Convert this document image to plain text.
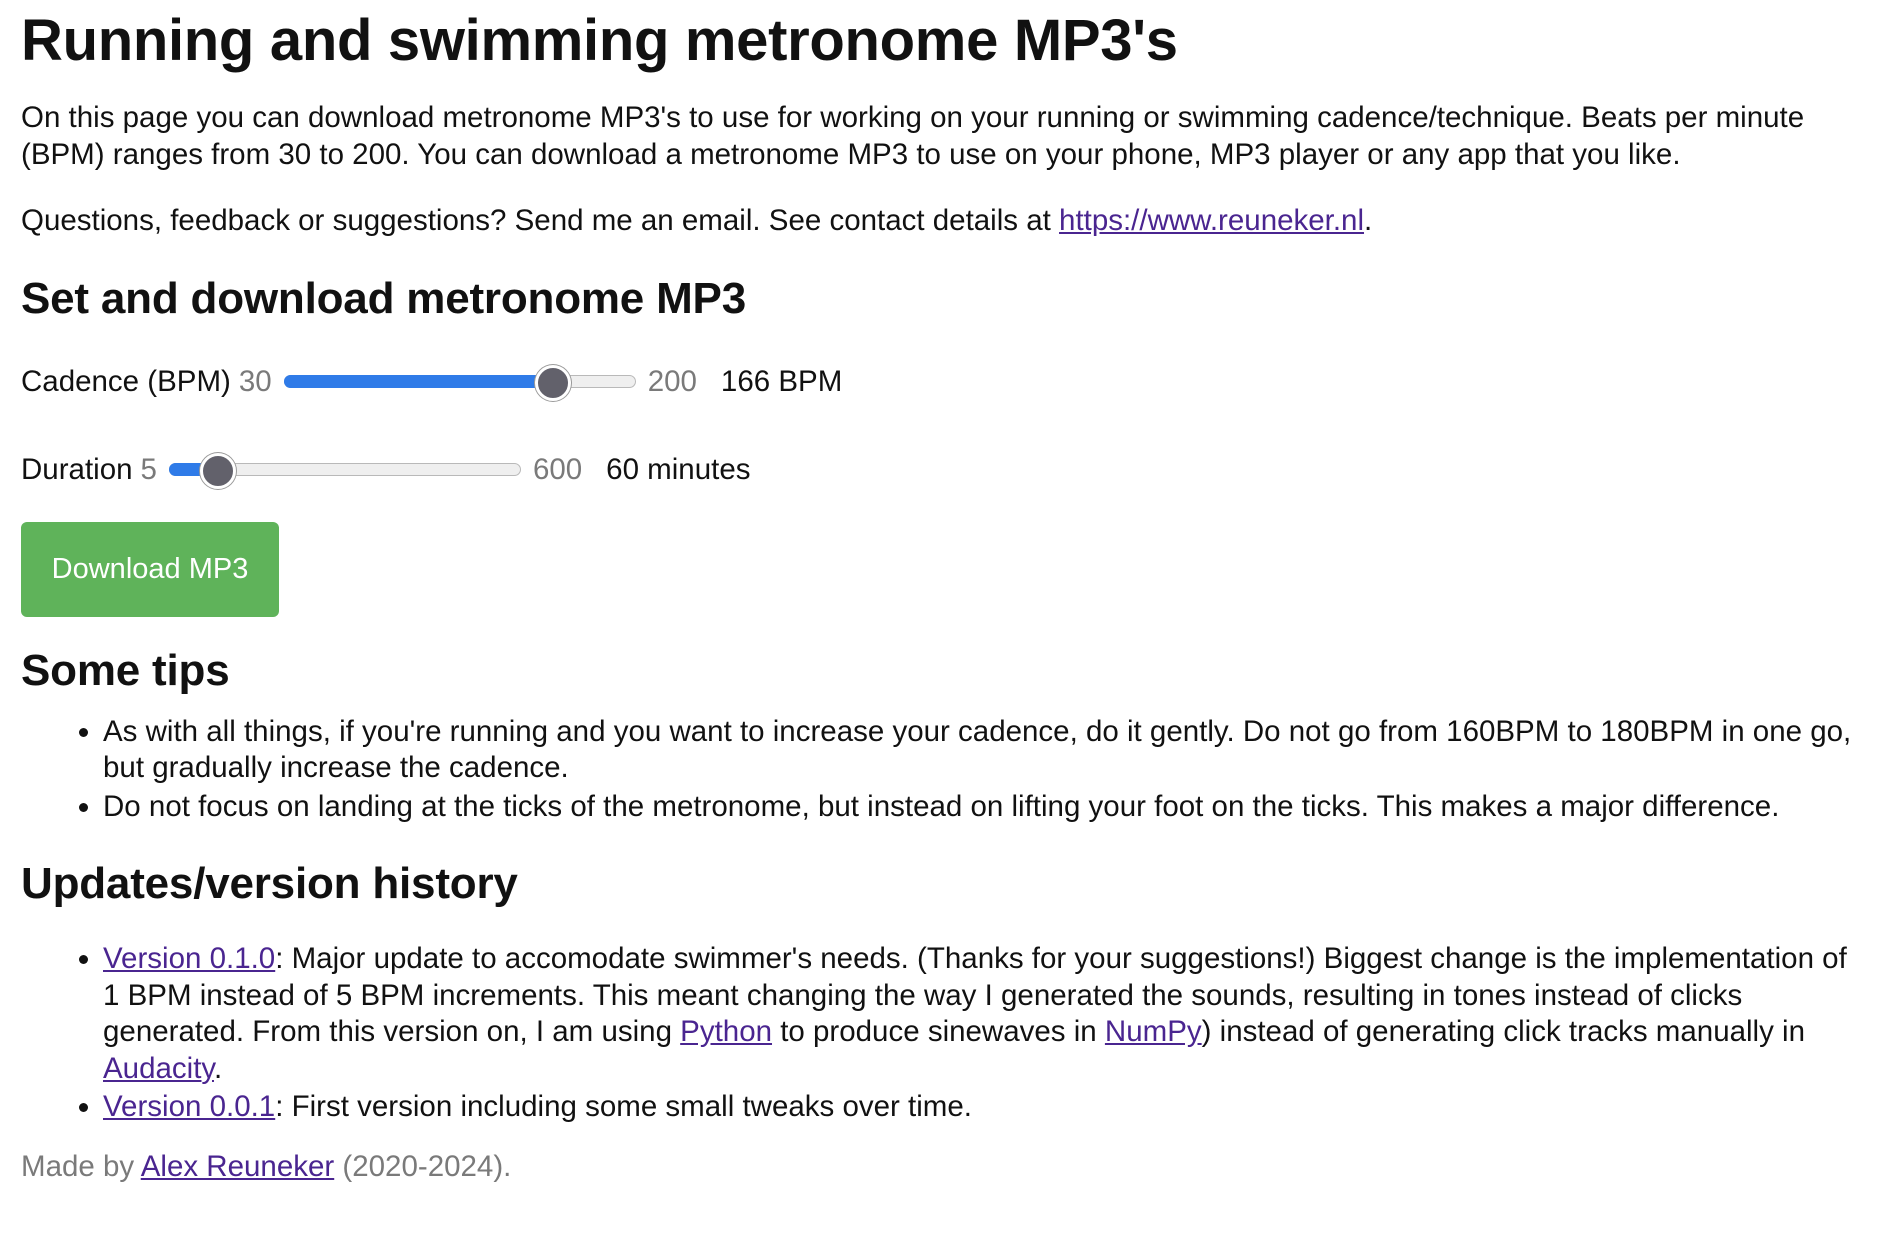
Running and swimming metronome MP3's

On this page you can download metronome MP3's to use for working on your running or swimming cadence/technique. Beats per minute (BPM) ranges from 30 to 200. You can download a metronome MP3 to use on your phone, MP3 player or any app that you like.

Questions, feedback or suggestions? Send me an email. See contact details at https://www.reuneker.nl.

Set and download metronome MP3
Cadence (BPM) 30	200 166 BPM
Duration 5	600 60 minutes
Download MP3
Some tips
• As with all things, if you're running and you want to increase your cadence, do it gently. Do not go from 160BPM to 180BPM in one go, but gradually increase the cadence.
• Do not focus on landing at the ticks of the metronome, but instead on lifting your foot on the ticks. This makes a major difference.
Updates/version history
• Version 0.1.0: Major update to accomodate swimmer's needs. (Thanks for your suggestions!) Biggest change is the implementation of 1 BPM instead of 5 BPM increments. This meant changing the way I generated the sounds, resulting in tones instead of clicks generated. From this version on, I am using Python to produce sinewaves in NumPy) instead of generating click tracks manually in Audacity.
• Version 0.0.1: First version including some small tweaks over time.

Made by Alex Reuneker (2020-2024).
